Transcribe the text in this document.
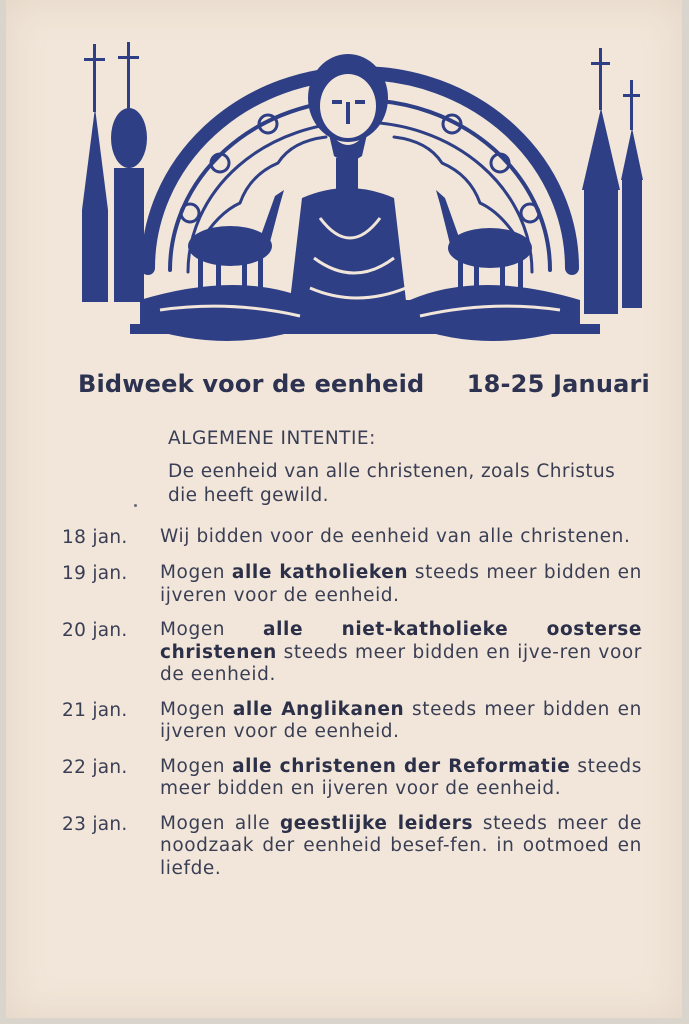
Bidweek voor de eenheid 18-25 Januari
ALGEMENE INTENTIE:
De eenheid van alle christenen, zoals Christus die heeft gewild.
18 jan.	Wij bidden voor de eenheid van alle christenen.
19 jan.	Mogen alle katholieken steeds meer bidden en ijveren voor de eenheid.
20 jan.	Mogen alle niet-katholieke oosterse christenen steeds meer bidden en ijve-ren voor de eenheid.
21 jan.	Mogen alle Anglikanen steeds meer bidden en ijveren voor de eenheid.
22 jan.	Mogen alle christenen der Reformatie steeds meer bidden en ijveren voor de eenheid.
23 jan.	Mogen alle geestlijke leiders steeds meer de noodzaak der eenheid besef-fen. in ootmoed en liefde.
